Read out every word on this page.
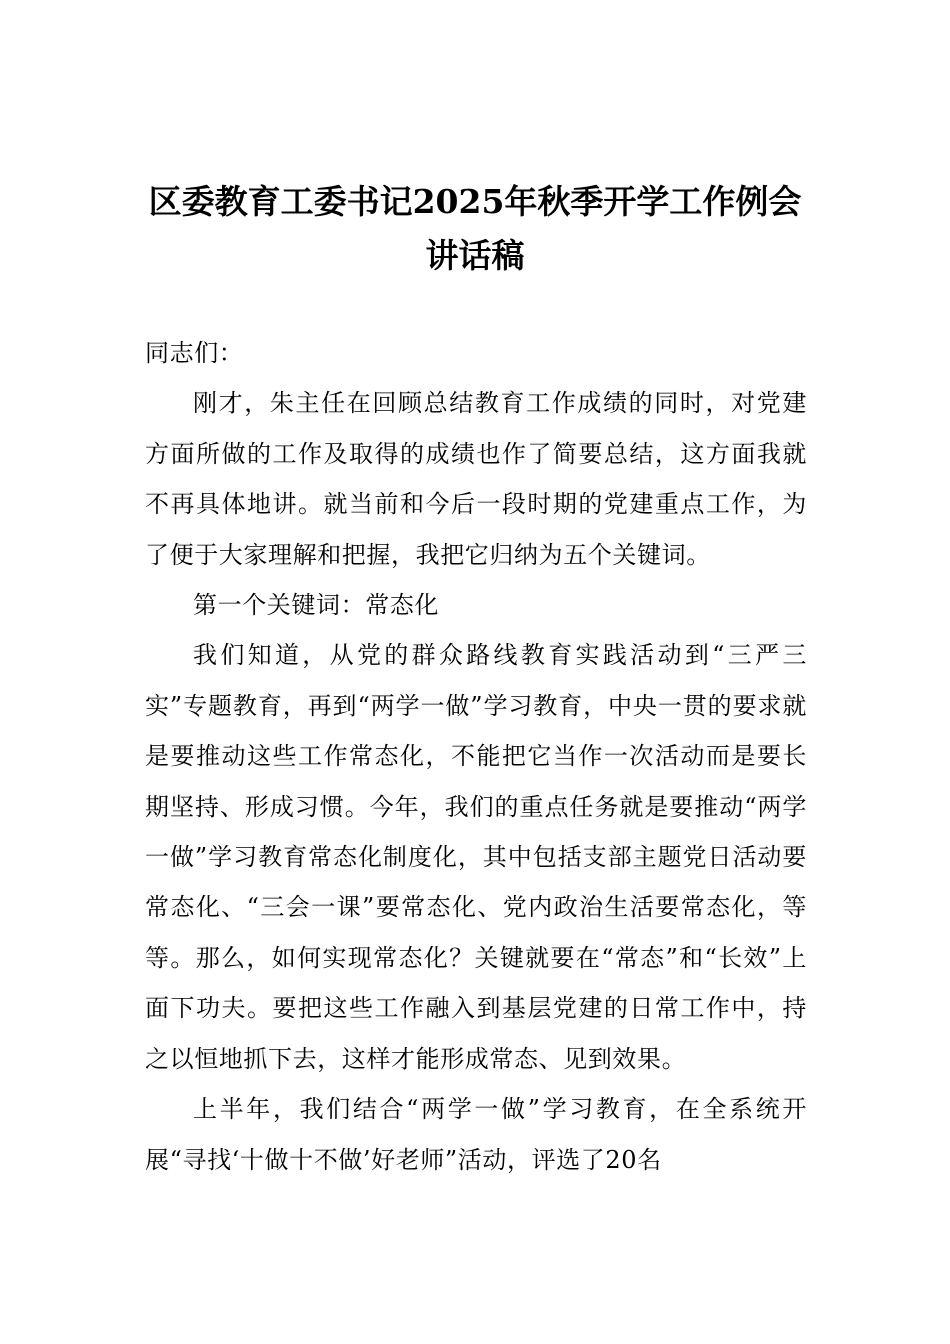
区委教育工委书记2025年秋季开学工作例会讲话稿

同志们：

刚才，朱主任在回顾总结教育工作成绩的同时，对党建方面所做的工作及取得的成绩也作了简要总结，这方面我就不再具体地讲。就当前和今后一段时期的党建重点工作，为了便于大家理解和把握，我把它归纳为五个关键词。

第一个关键词：常态化

我们知道，从党的群众路线教育实践活动到“三严三实”专题教育，再到“两学一做”学习教育，中央一贯的要求就是要推动这些工作常态化，不能把它当作一次活动而是要长期坚持、形成习惯。今年，我们的重点任务就是要推动“两学一做”学习教育常态化制度化，其中包括支部主题党日活动要常态化、“三会一课”要常态化、党内政治生活要常态化，等等。那么，如何实现常态化？关键就要在“常态”和“长效”上面下功夫。要把这些工作融入到基层党建的日常工作中，持之以恒地抓下去，这样才能形成常态、见到效果。

上半年，我们结合“两学一做”学习教育，在全系统开展“寻找‘十做十不做’好老师”活动，评选了20名
